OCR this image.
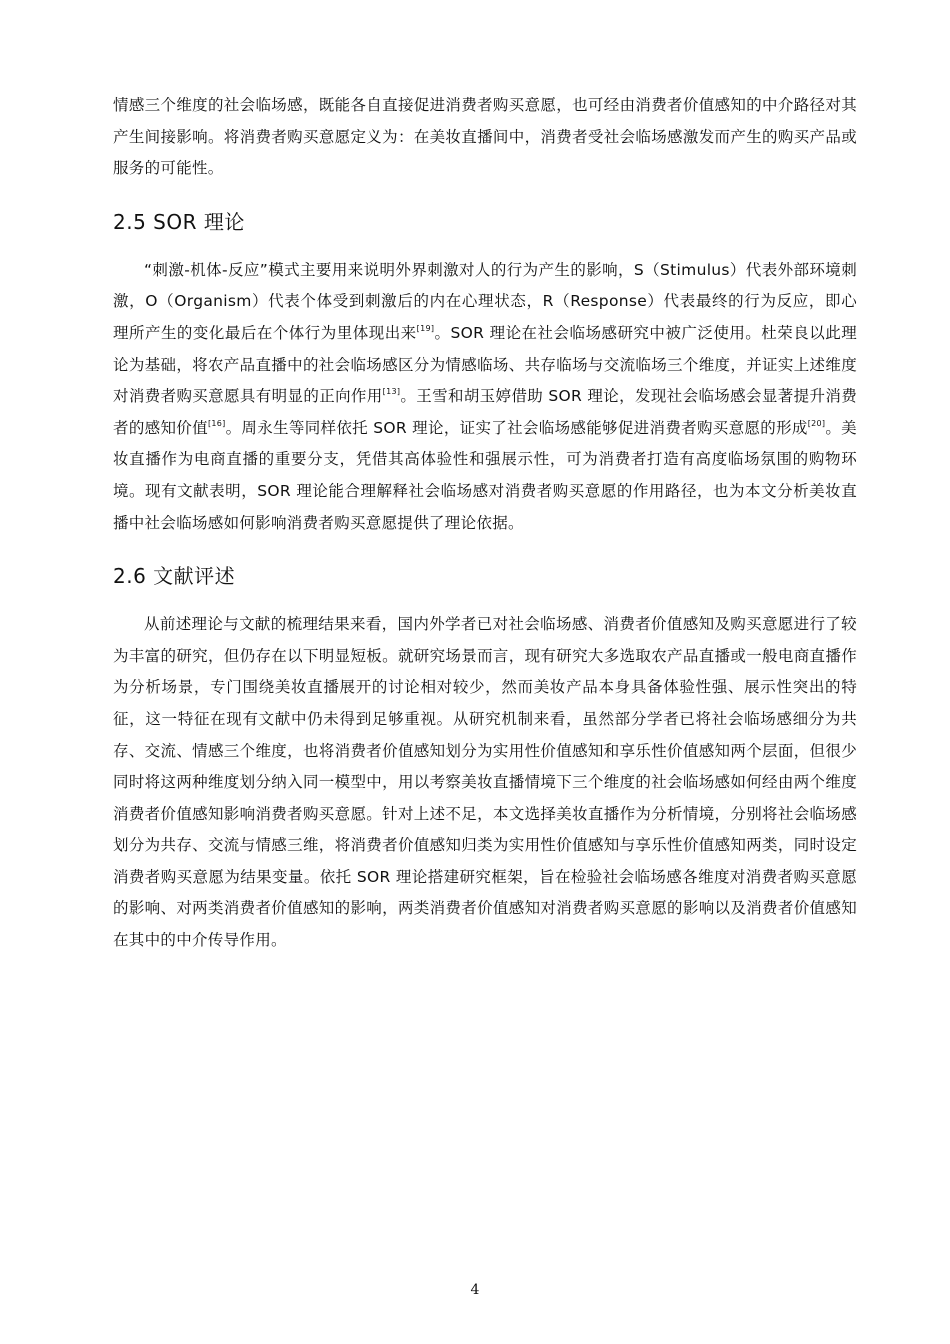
情感三个维度的社会临场感，既能各自直接促进消费者购买意愿，也可经由消费者价值感知的中介路径对其产生间接影响。将消费者购买意愿定义为：在美妆直播间中，消费者受社会临场感激发而产生的购买产品或服务的可能性。

2.5 SOR 理论

“刺激-机体-反应”模式主要用来说明外界刺激对人的行为产生的影响，S（Stimulus）代表外部环境刺激，O（Organism）代表个体受到刺激后的内在心理状态，R（Response）代表最终的行为反应，即心理所产生的变化最后在个体行为里体现出来[19]。SOR 理论在社会临场感研究中被广泛使用。杜荣良以此理论为基础，将农产品直播中的社会临场感区分为情感临场、共存临场与交流临场三个维度，并证实上述维度对消费者购买意愿具有明显的正向作用[13]。王雪和胡玉婷借助 SOR 理论，发现社会临场感会显著提升消费者的感知价值[16]。周永生等同样依托 SOR 理论，证实了社会临场感能够促进消费者购买意愿的形成[20]。美妆直播作为电商直播的重要分支，凭借其高体验性和强展示性，可为消费者打造有高度临场氛围的购物环境。现有文献表明，SOR 理论能合理解释社会临场感对消费者购买意愿的作用路径，也为本文分析美妆直播中社会临场感如何影响消费者购买意愿提供了理论依据。

2.6 文献评述

从前述理论与文献的梳理结果来看，国内外学者已对社会临场感、消费者价值感知及购买意愿进行了较为丰富的研究，但仍存在以下明显短板。就研究场景而言，现有研究大多选取农产品直播或一般电商直播作为分析场景，专门围绕美妆直播展开的讨论相对较少，然而美妆产品本身具备体验性强、展示性突出的特征，这一特征在现有文献中仍未得到足够重视。从研究机制来看，虽然部分学者已将社会临场感细分为共存、交流、情感三个维度，也将消费者价值感知划分为实用性价值感知和享乐性价值感知两个层面，但很少同时将这两种维度划分纳入同一模型中，用以考察美妆直播情境下三个维度的社会临场感如何经由两个维度消费者价值感知影响消费者购买意愿。针对上述不足，本文选择美妆直播作为分析情境，分别将社会临场感划分为共存、交流与情感三维，将消费者价值感知归类为实用性价值感知与享乐性价值感知两类，同时设定消费者购买意愿为结果变量。依托 SOR 理论搭建研究框架，旨在检验社会临场感各维度对消费者购买意愿的影响、对两类消费者价值感知的影响，两类消费者价值感知对消费者购买意愿的影响以及消费者价值感知在其中的中介传导作用。

4
